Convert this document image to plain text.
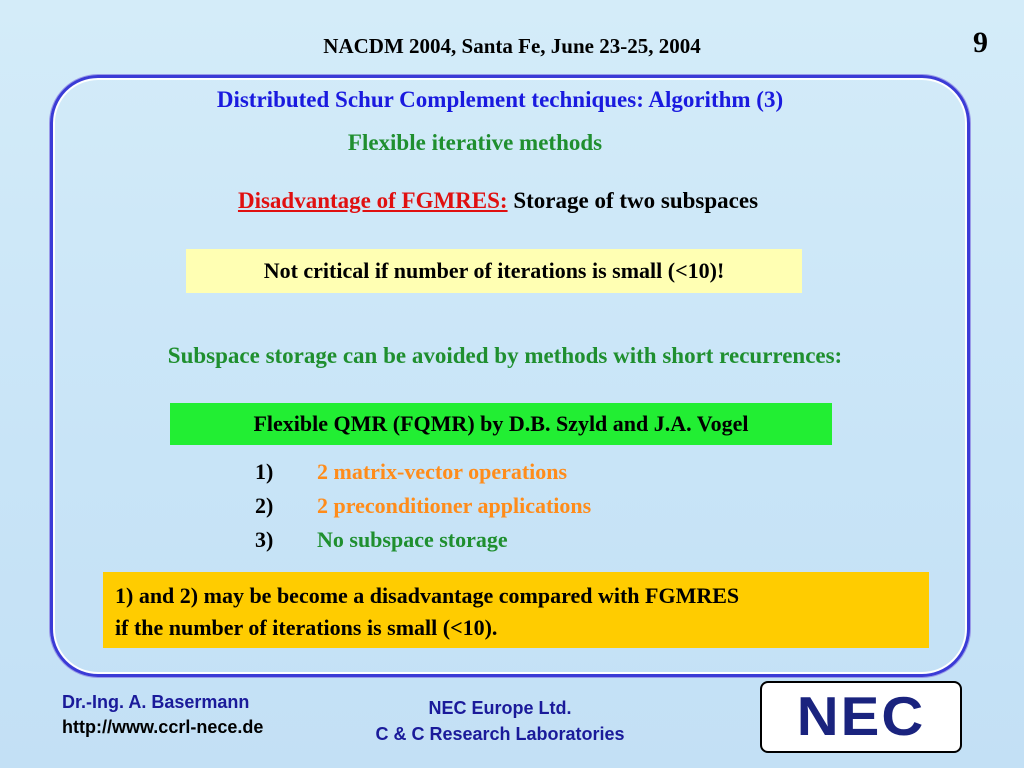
NACDM 2004, Santa Fe, June 23-25, 2004	9
Distributed Schur Complement techniques: Algorithm (3)
Flexible iterative methods
Disadvantage of FGMRES: Storage of two subspaces
Not critical if number of iterations is small (<10)!
Subspace storage can be avoided by methods with short recurrences:
Flexible QMR (FQMR) by D.B. Szyld and J.A. Vogel
1)	2 matrix-vector operations
2)	2 preconditioner applications
3)	No subspace storage
1) and 2) may be become a disadvantage compared with FGMRES
if the number of iterations is small (<10).
Dr.-Ing. A. Basermann
http://www.ccrl-nece.de
NEC Europe Ltd.
C & C Research Laboratories	NEC
